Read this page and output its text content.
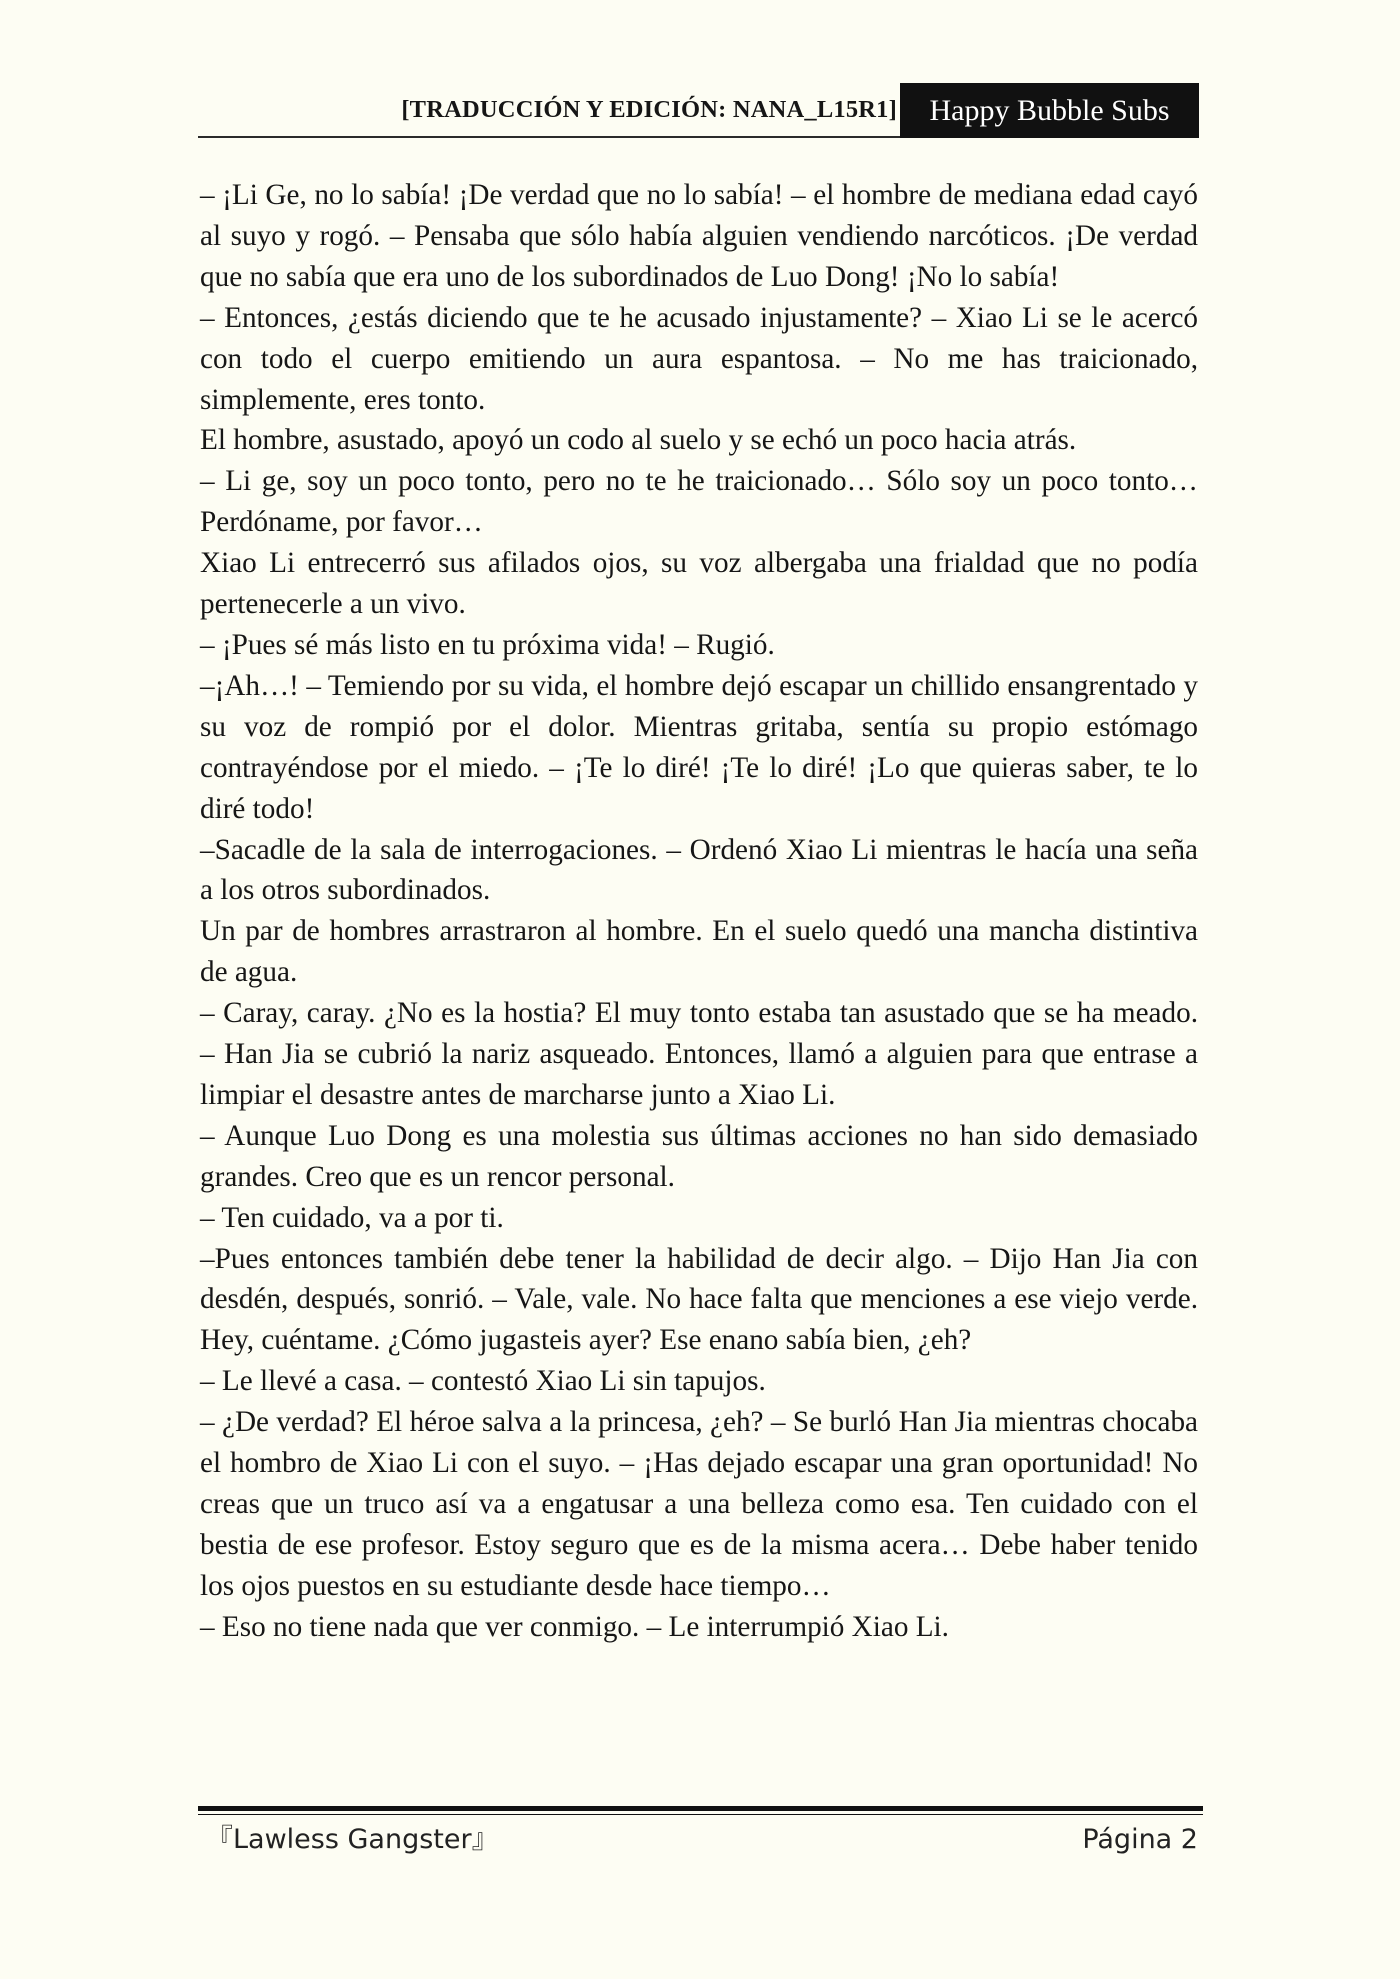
[TRADUCCIÓN Y EDICIÓN: NANA_L15R1]	Happy Bubble Subs

– ¡Li Ge, no lo sabía! ¡De verdad que no lo sabía! – el hombre de mediana edad cayó al suyo y rogó. – Pensaba que sólo había alguien vendiendo narcóticos. ¡De verdad que no sabía que era uno de los subordinados de Luo Dong! ¡No lo sabía!

– Entonces, ¿estás diciendo que te he acusado injustamente? – Xiao Li se le acercó con todo el cuerpo emitiendo un aura espantosa. – No me has traicionado, simplemente, eres tonto.

El hombre, asustado, apoyó un codo al suelo y se echó un poco hacia atrás.

– Li ge, soy un poco tonto, pero no te he traicionado… Sólo soy un poco tonto… Perdóname, por favor…

Xiao Li entrecerró sus afilados ojos, su voz albergaba una frialdad que no podía pertenecerle a un vivo.

– ¡Pues sé más listo en tu próxima vida! – Rugió.

–¡Ah…! – Temiendo por su vida, el hombre dejó escapar un chillido ensangrentado y su voz de rompió por el dolor. Mientras gritaba, sentía su propio estómago contrayéndose por el miedo. – ¡Te lo diré! ¡Te lo diré! ¡Lo que quieras saber, te lo diré todo!

–Sacadle de la sala de interrogaciones. – Ordenó Xiao Li mientras le hacía una seña a los otros subordinados.

Un par de hombres arrastraron al hombre. En el suelo quedó una mancha distintiva de agua.

– Caray, caray. ¿No es la hostia? El muy tonto estaba tan asustado que se ha meado. – Han Jia se cubrió la nariz asqueado. Entonces, llamó a alguien para que entrase a limpiar el desastre antes de marcharse junto a Xiao Li.

– Aunque Luo Dong es una molestia sus últimas acciones no han sido demasiado grandes. Creo que es un rencor personal.

– Ten cuidado, va a por ti.

–Pues entonces también debe tener la habilidad de decir algo. – Dijo Han Jia con desdén, después, sonrió. – Vale, vale. No hace falta que menciones a ese viejo verde. Hey, cuéntame. ¿Cómo jugasteis ayer? Ese enano sabía bien, ¿eh?

– Le llevé a casa. – contestó Xiao Li sin tapujos.

– ¿De verdad? El héroe salva a la princesa, ¿eh? – Se burló Han Jia mientras chocaba el hombro de Xiao Li con el suyo. – ¡Has dejado escapar una gran oportunidad! No creas que un truco así va a engatusar a una belleza como esa. Ten cuidado con el bestia de ese profesor. Estoy seguro que es de la misma acera… Debe haber tenido los ojos puestos en su estudiante desde hace tiempo…

– Eso no tiene nada que ver conmigo. – Le interrumpió Xiao Li.

『Lawless Gangster』	Página 2
